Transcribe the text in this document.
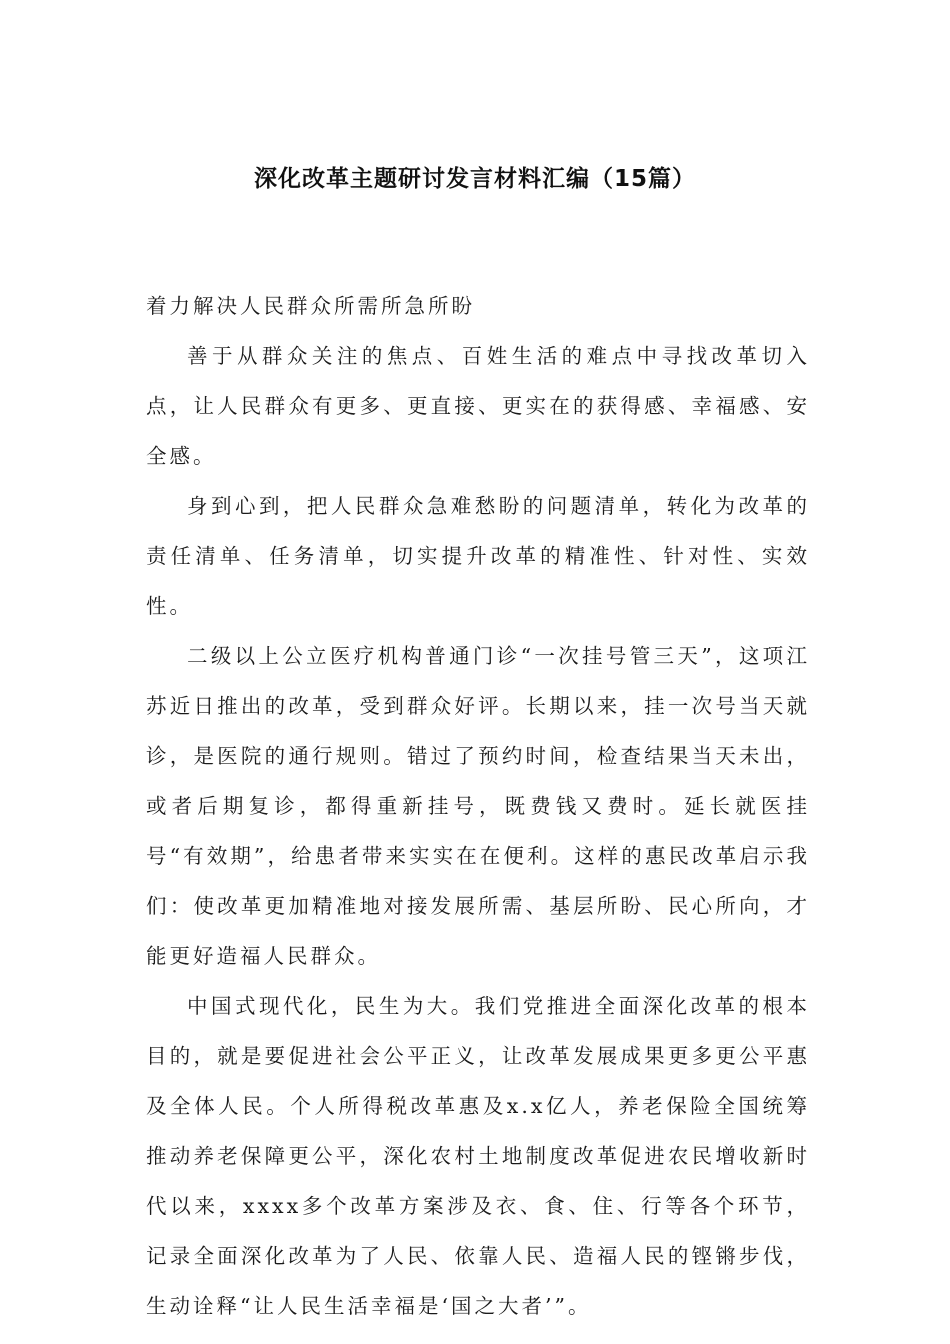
深化改革主题研讨发言材料汇编（15篇）

着力解决人民群众所需所急所盼

善于从群众关注的焦点、百姓生活的难点中寻找改革切入点，让人民群众有更多、更直接、更实在的获得感、幸福感、安全感。

身到心到，把人民群众急难愁盼的问题清单，转化为改革的责任清单、任务清单，切实提升改革的精准性、针对性、实效性。

二级以上公立医疗机构普通门诊“一次挂号管三天”，这项江苏近日推出的改革，受到群众好评。长期以来，挂一次号当天就诊，是医院的通行规则。错过了预约时间，检查结果当天未出，或者后期复诊，都得重新挂号，既费钱又费时。延长就医挂号“有效期”，给患者带来实实在在便利。这样的惠民改革启示我们：使改革更加精准地对接发展所需、基层所盼、民心所向，才能更好造福人民群众。

中国式现代化，民生为大。我们党推进全面深化改革的根本目的，就是要促进社会公平正义，让改革发展成果更多更公平惠及全体人民。个人所得税改革惠及x.x亿人，养老保险全国统筹推动养老保障更公平，深化农村土地制度改革促进农民增收新时代以来，xxxx多个改革方案涉及衣、食、住、行等各个环节，记录全面深化改革为了人民、依靠人民、造福人民的铿锵步伐，生动诠释“让人民生活幸福是‘国之大者’”。
